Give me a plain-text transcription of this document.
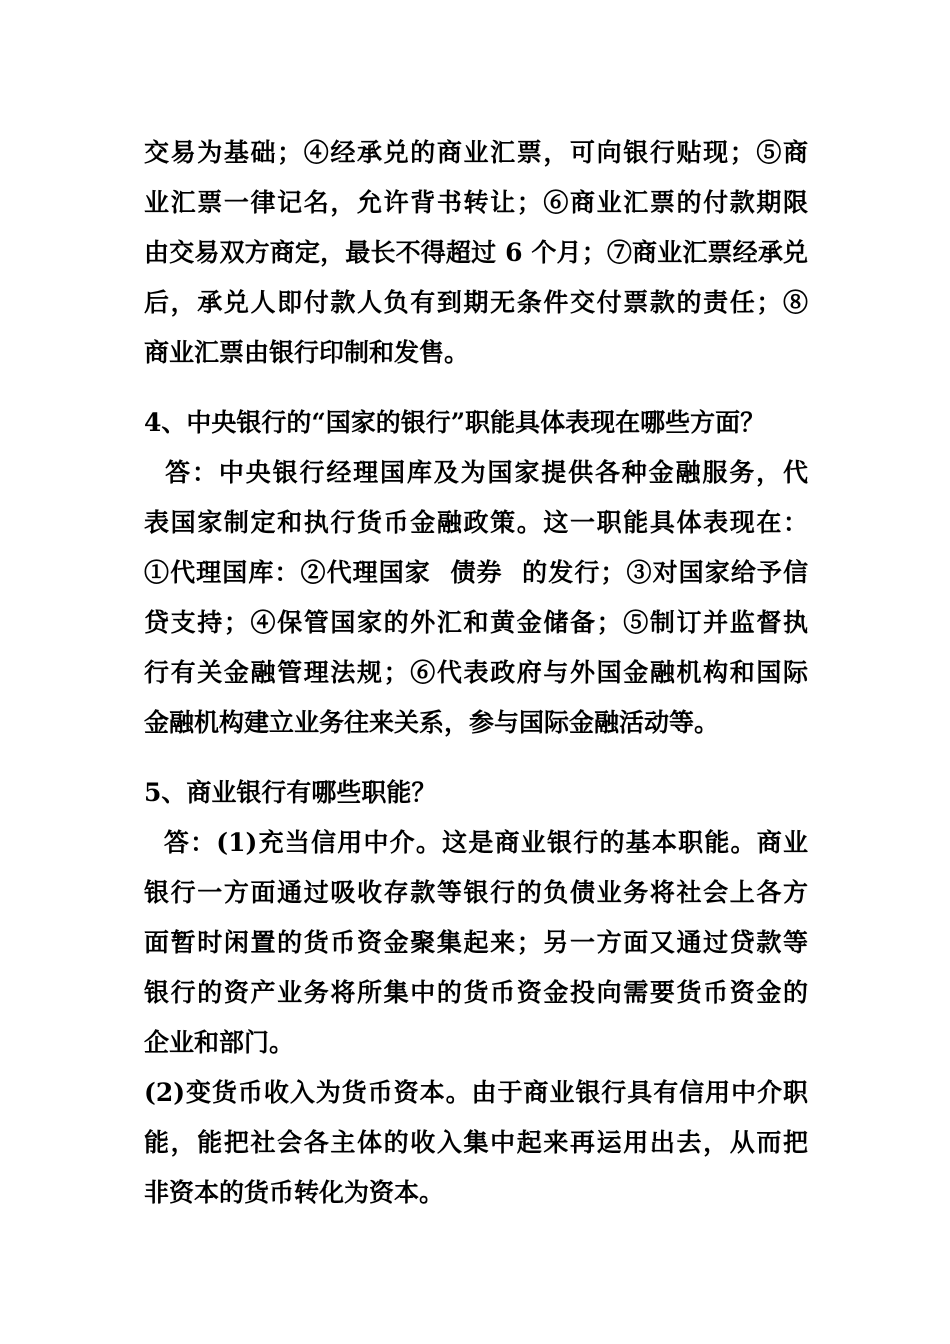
交易为基础；④经承兑的商业汇票，可向银行贴现；⑤商
业汇票一律记名，允许背书转让；⑥商业汇票的付款期限
由交易双方商定，最长不得超过 6 个月；⑦商业汇票经承兑
后，承兑人即付款人负有到期无条件交付票款的责任；⑧
商业汇票由银行印制和发售。
4、中央银行的“国家的银行”职能具体表现在哪些方面？
答：中央银行经理国库及为国家提供各种金融服务，代
表国家制定和执行货币金融政策。这一职能具体表现在：
①代理国库：②代理国家  债券  的发行；③对国家给予信
贷支持；④保管国家的外汇和黄金储备；⑤制订并监督执
行有关金融管理法规；⑥代表政府与外国金融机构和国际
金融机构建立业务往来关系，参与国际金融活动等。
5、商业银行有哪些职能？
答：(1)充当信用中介。这是商业银行的基本职能。商业
银行一方面通过吸收存款等银行的负债业务将社会上各方
面暂时闲置的货币资金聚集起来；另一方面又通过贷款等
银行的资产业务将所集中的货币资金投向需要货币资金的
企业和部门。
(2)变货币收入为货币资本。由于商业银行具有信用中介职
能，能把社会各主体的收入集中起来再运用出去，从而把
非资本的货币转化为资本。
